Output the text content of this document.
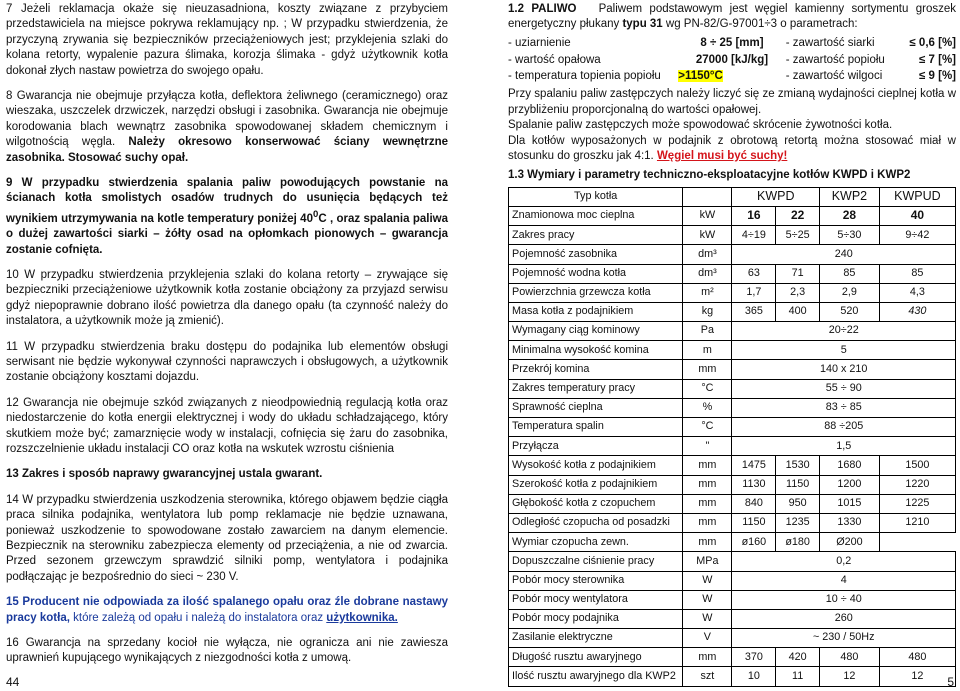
7 Jeżeli reklamacja okaże się nieuzasadniona, koszty związane z przybyciem przedstawiciela na miejsce pokrywa reklamujący np. ; W przypadku stwierdzenia, że przyczyną zrywania się bezpieczników przeciążeniowych jest; przyklejenia szlaki do kolana retorty, wypalenie pazura ślimaka, korozja ślimaka - gdyż użytkownik kotła dokonał złych nastaw powietrza do swojego opału.

8 Gwarancja nie obejmuje przyłącza kotła, deflektora żeliwnego (ceramicznego) oraz wieszaka, uszczelek drzwiczek, narzędzi obsługi i zasobnika. Gwarancja nie obejmuje korodowania blach wewnątrz zasobnika spowodowanej składem chemicznym i wilgotnością węgla. Należy okresowo konserwować ściany wewnętrzne zasobnika. Stosować suchy opał.

9 W przypadku stwierdzenia spalania paliw powodujących powstanie na ścianach kotła smolistych osadów trudnych do usunięcia będących też wynikiem utrzymywania na kotle temperatury poniżej $40^0C$ , oraz spalania paliwa o dużej zawartości siarki – żółty osad na opłomkach pionowych – gwarancja zostanie cofnięta.

10 W przypadku stwierdzenia przyklejenia szlaki do kolana retorty – zrywające się bezpieczniki przeciążeniowe użytkownik kotła zostanie obciążony za przyjazd serwisu gdyż niepoprawnie dobrano ilość powietrza dla danego opału (ta czynność należy do instalatora, a użytkownik może ją zmienić).

11 W przypadku stwierdzenia braku dostępu do podajnika lub elementów obsługi serwisant nie będzie wykonywał czynności naprawczych i obsługowych, a użytkownik zostanie obciążony kosztami dojazdu.

12 Gwarancja nie obejmuje szkód związanych z nieodpowiednią regulacją kotła oraz niedostarczenie do kotła energii elektrycznej i wody do układu schładzającego, który skutkiem może być; zamarznięcie wody w instalacji, cofnięcia się żaru do zasobnika, rozszczelnienie układu instalacji CO oraz kotła na wskutek wzrostu ciśnienia

13 Zakres i sposób naprawy gwarancyjnej ustala gwarant.

14 W przypadku stwierdzenia uszkodzenia sterownika, którego objawem będzie ciągła praca silnika podajnika, wentylatora lub pomp reklamacje nie będzie uznawana, ponieważ uszkodzenie to spowodowane zostało zawarciem na danym elemencie. Bezpiecznik na sterowniku zabezpiecza elementy od przeciążenia, a nie od zwarcia. Przed sezonem grzewczym sprawdzić silniki pomp, wentylatora i podajnika podłączając je bezpośrednio do sieci ~ 230 V.

15 Producent nie odpowiada za ilość spalanego opału oraz źle dobrane nastawy pracy kotła, które zależą od opału i należą do instalatora oraz użytkownika.

16 Gwarancja na sprzedany kocioł nie wyłącza, nie ogranicza ani nie zawiesza uprawnień kupującego wynikających z niezgodności kotła z umową.

44

1.2 PALIWO Paliwem podstawowym jest węgiel kamienny sortymentu groszek energetyczny płukany typu 31 wg PN-82/G-97001÷3 o parametrach:

- uziarnienie	8 ÷ 25 [mm]	- zawartość siarki	≤ 0,6 [%]
- wartość opałowa	27000 [kJ/kg]	- zawartość popiołu	≤ 7 [%]
- temperatura topienia popiołu	>1150°C	- zawartość wilgoci	≤ 9 [%]

Przy spalaniu paliw zastępczych należy liczyć się ze zmianą wydajności cieplnej kotła w przybliżeniu proporcjonalną do wartości opałowej.

Spalanie paliw zastępczych może spowodować skrócenie żywotności kotła.

Dla kotłów wyposażonych w podajnik z obrotową retortą można stosować miał w stosunku do groszku jak 4:1. Węgiel musi być suchy!

1.3 Wymiary i parametry techniczno-eksploatacyjne kotłów KWPD i KWP2

Typ kotła		KWPD		KWP2	KWPUD
Znamionowa moc cieplna	kW	16	22	28	40
Zakres pracy	kW	4÷19	5÷25	5÷30	9÷42
Pojemność zasobnika	dm³	240			
Pojemność wodna kotła	dm³	63	71	85	85
Powierzchnia grzewcza kotła	m²	1,7	2,3	2,9	4,3
Masa kotła z podajnikiem	kg	365	400	520	430
Wymagany ciąg kominowy	Pa	20÷22			
Minimalna wysokość komina	m	5			
Przekrój komina	mm	140 x 210			
Zakres temperatury pracy	°C	55 ÷ 90			
Sprawność cieplna	%	83 ÷ 85			
Temperatura spalin	°C	88 ÷205			
Przyłącza	"	1,5			
Wysokość kotła z podajnikiem	mm	1475	1530	1680	1500
Szerokość kotła z podajnikiem	mm	1130	1150	1200	1220
Głębokość kotła z czopuchem	mm	840	950	1015	1225
Odległość czopucha od posadzki	mm	1150	1235	1330	1210
Wymiar czopucha zewn.	mm	ø160	ø180	Ø200	
Dopuszczalne ciśnienie pracy	MPa	0,2			
Pobór mocy sterownika	W	4			
Pobór mocy wentylatora	W	10 ÷ 40			
Pobór mocy podajnika	W	260			
Zasilanie elektryczne	V	~ 230 / 50Hz			
Długość rusztu awaryjnego	mm	370	420	480	480
Ilość rusztu awaryjnego dla KWP2	szt	10	11	12	12 5
